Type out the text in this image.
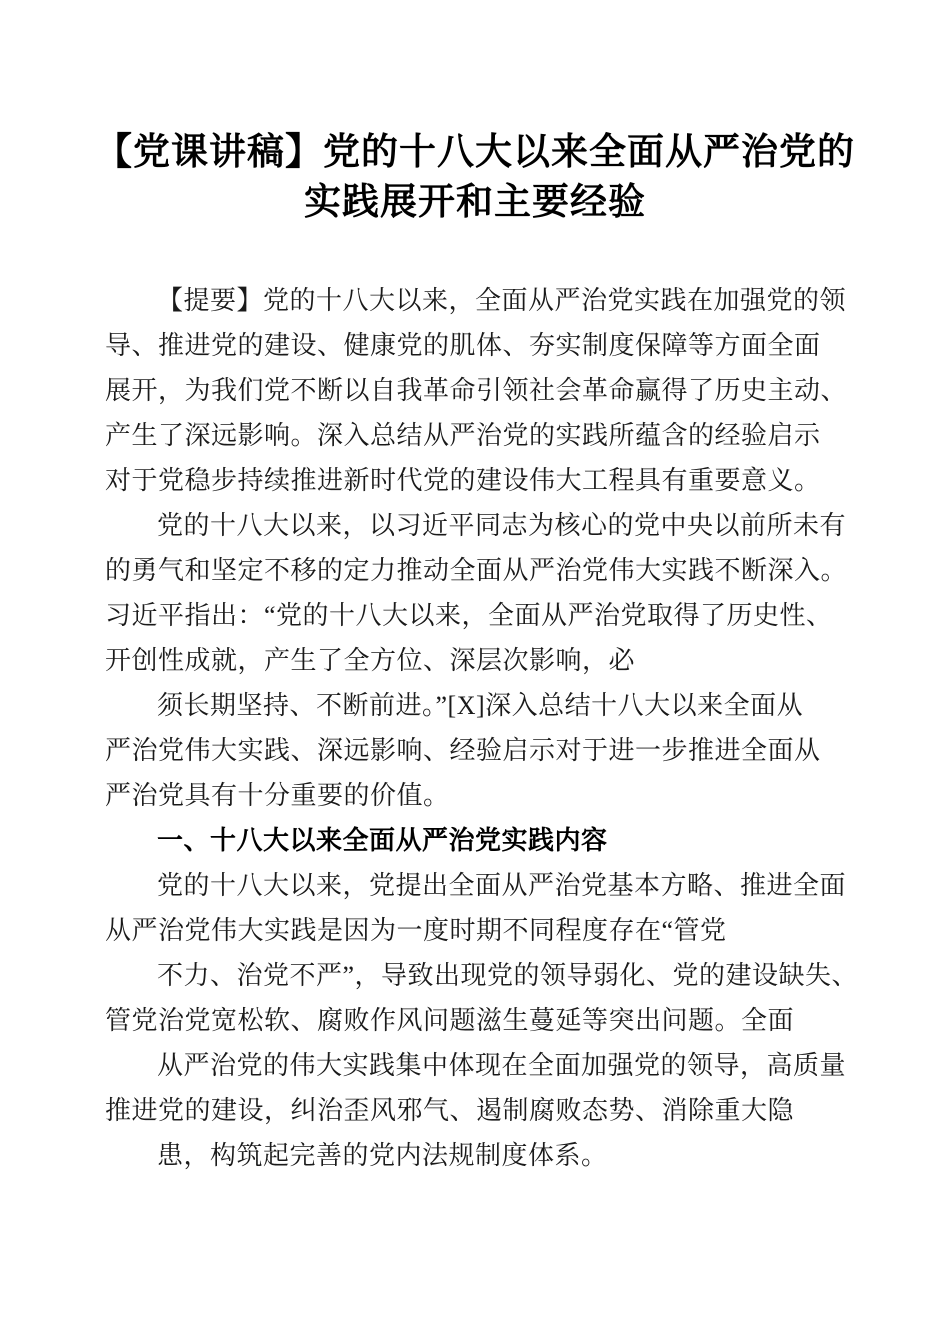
【党课讲稿】党的十八大以来全面从严治党的
实践展开和主要经验
【提要】党的十八大以来，全面从严治党实践在加强党的领
导、推进党的建设、健康党的肌体、夯实制度保障等方面全面
展开，为我们党不断以自我革命引领社会革命赢得了历史主动、
产生了深远影响。深入总结从严治党的实践所蕴含的经验启示
对于党稳步持续推进新时代党的建设伟大工程具有重要意义。
党的十八大以来，以习近平同志为核心的党中央以前所未有
的勇气和坚定不移的定力推动全面从严治党伟大实践不断深入。
习近平指出：“党的十八大以来，全面从严治党取得了历史性、
开创性成就，产生了全方位、深层次影响，必
须长期坚持、不断前进。”[X]深入总结十八大以来全面从
严治党伟大实践、深远影响、经验启示对于进一步推进全面从
严治党具有十分重要的价值。
一、十八大以来全面从严治党实践内容
党的十八大以来，党提出全面从严治党基本方略、推进全面
从严治党伟大实践是因为一度时期不同程度存在“管党
不力、治党不严”，导致出现党的领导弱化、党的建设缺失、
管党治党宽松软、腐败作风问题滋生蔓延等突出问题。全面
从严治党的伟大实践集中体现在全面加强党的领导，高质量
推进党的建设，纠治歪风邪气、遏制腐败态势、消除重大隐
患，构筑起完善的党内法规制度体系。
